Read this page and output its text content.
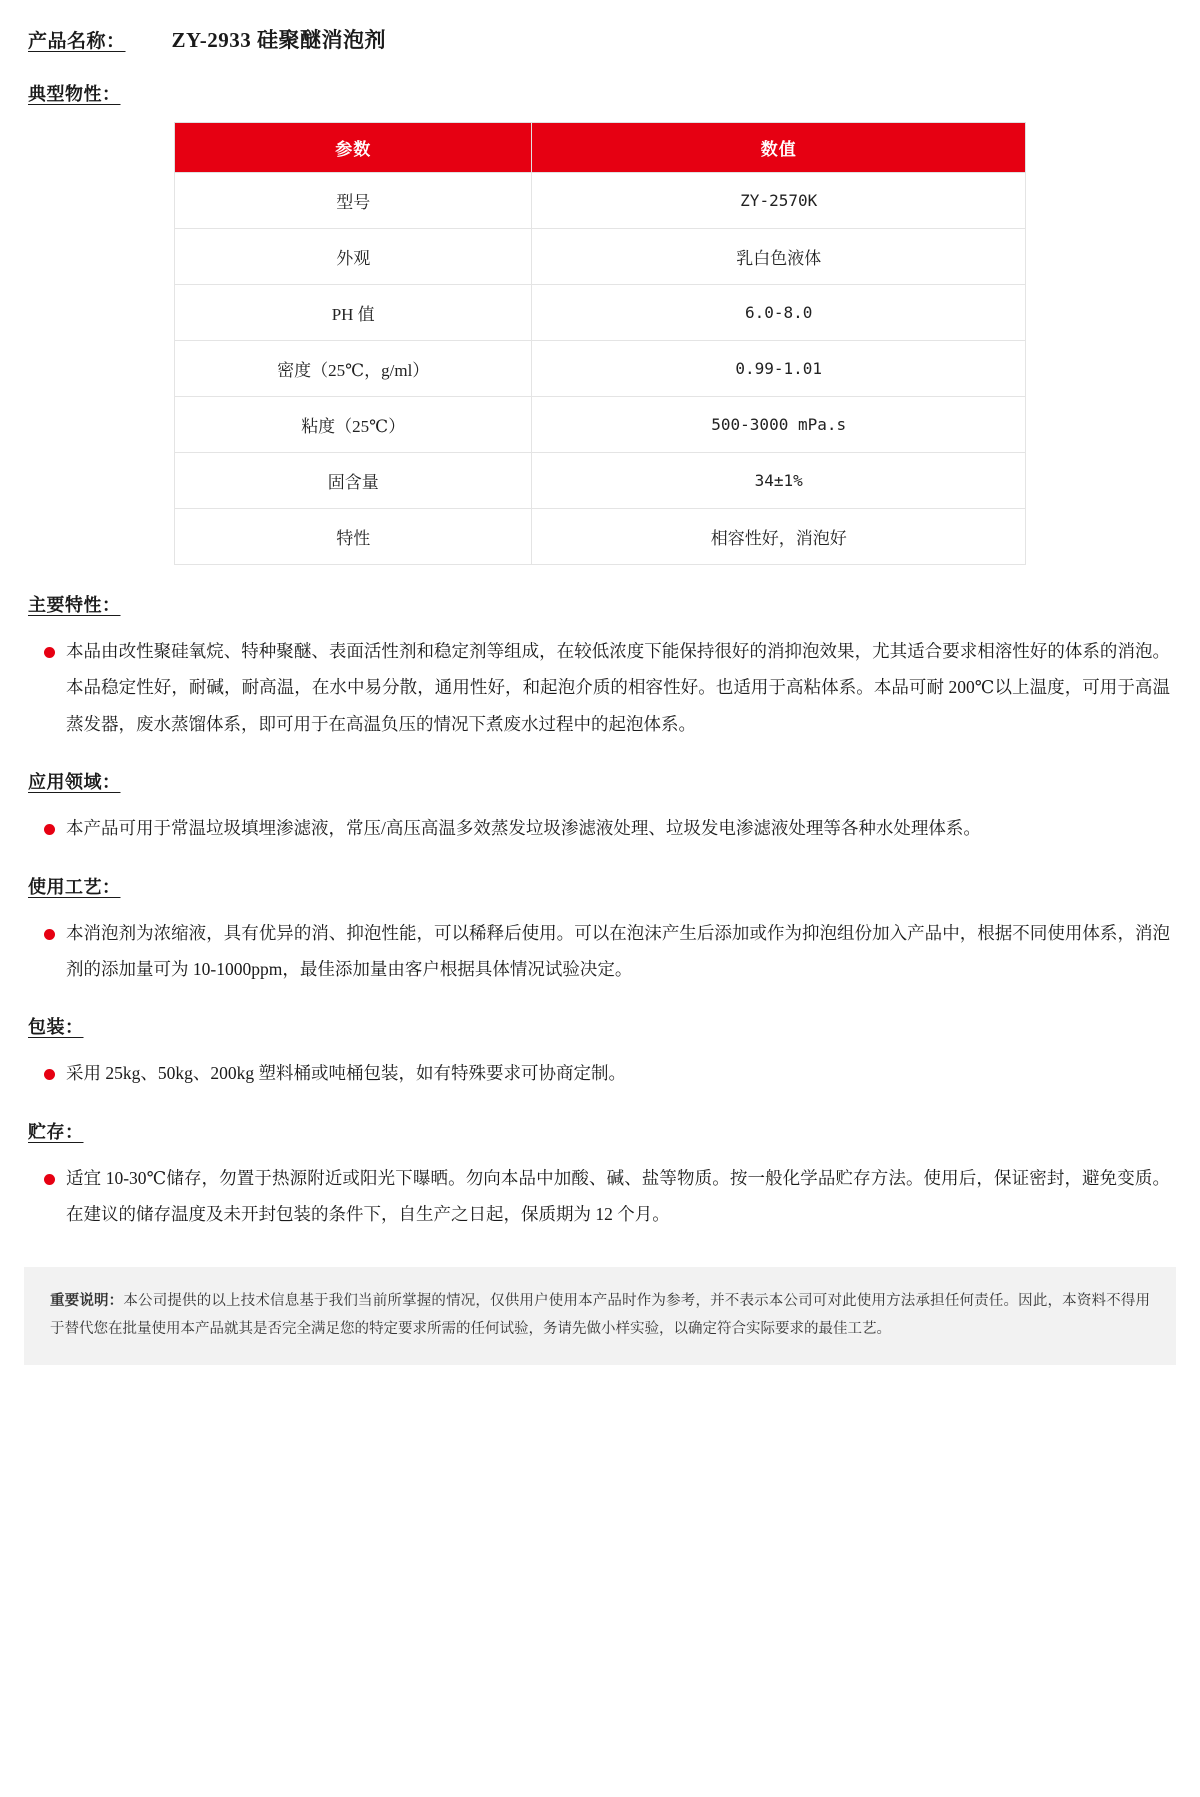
产品名称： ZY-2933 硅聚醚消泡剂
典型物性：
参数	数值
型号	ZY-2570K
外观	乳白色液体
PH 值	6.0-8.0
密度（25℃，g/ml）	0.99-1.01
粘度（25℃）	500-3000 mPa.s
固含量	34±1%
特性	相容性好，消泡好
主要特性：
本品由改性聚硅氧烷、特种聚醚、表面活性剂和稳定剂等组成，在较低浓度下能保持很好的消抑泡效果，尤其适合要求相溶性好的体系的消泡。本品稳定性好，耐碱，耐高温，在水中易分散，通用性好，和起泡介质的相容性好。也适用于高粘体系。本品可耐 200℃以上温度，可用于高温蒸发器，废水蒸馏体系，即可用于在高温负压的情况下煮废水过程中的起泡体系。
应用领域：
本产品可用于常温垃圾填埋渗滤液，常压/高压高温多效蒸发垃圾渗滤液处理、垃圾发电渗滤液处理等各种水处理体系。
使用工艺：
本消泡剂为浓缩液，具有优异的消、抑泡性能，可以稀释后使用。可以在泡沫产生后添加或作为抑泡组份加入产品中，根据不同使用体系，消泡剂的添加量可为 10-1000ppm，最佳添加量由客户根据具体情况试验决定。
包装：
采用 25kg、50kg、200kg 塑料桶或吨桶包装，如有特殊要求可协商定制。
贮存：
适宜 10-30℃储存，勿置于热源附近或阳光下曝晒。勿向本品中加酸、碱、盐等物质。按一般化学品贮存方法。使用后，保证密封，避免变质。在建议的储存温度及未开封包装的条件下，自生产之日起，保质期为 12 个月。
重要说明：本公司提供的以上技术信息基于我们当前所掌握的情况，仅供用户使用本产品时作为参考，并不表示本公司可对此使用方法承担任何责任。因此，本资料不得用于替代您在批量使用本产品就其是否完全满足您的特定要求所需的任何试验，务请先做小样实验，以确定符合实际要求的最佳工艺。
